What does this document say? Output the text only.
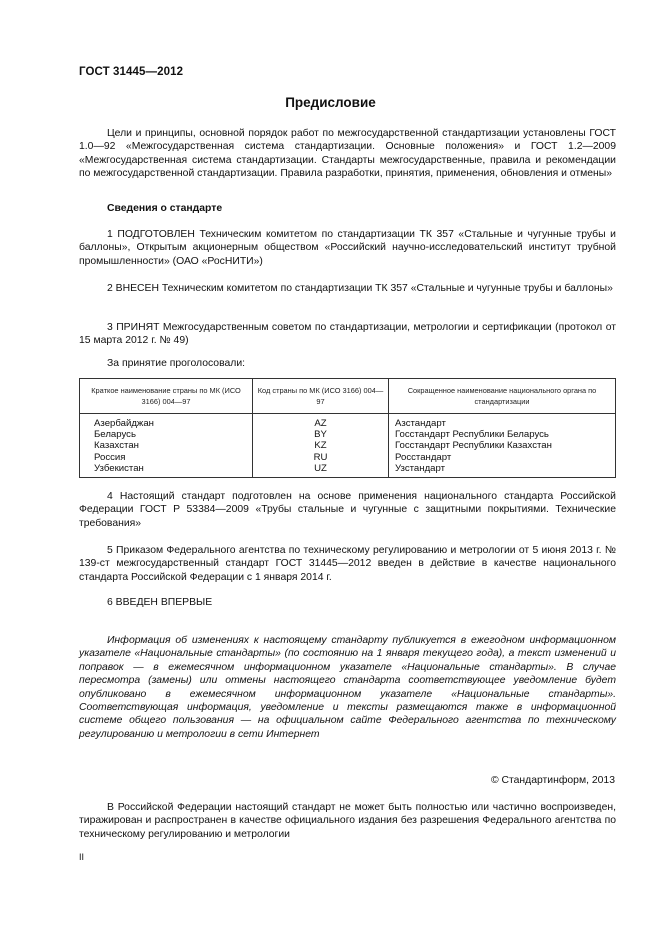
ГОСТ 31445—2012
Предисловие

Цели и принципы, основной порядок работ по межгосударственной стандартизации установлены ГОСТ 1.0—92 «Межгосударственная система стандартизации. Основные положения» и ГОСТ 1.2—2009 «Межгосударственная система стандартизации. Стандарты межгосударственные, правила и рекомендации по межгосударственной стандартизации. Правила разработки, принятия, применения, обновления и отмены»

Сведения о стандарте

1 ПОДГОТОВЛЕН Техническим комитетом по стандартизации ТК 357 «Стальные и чугунные трубы и баллоны», Открытым акционерным обществом «Российский научно-исследовательский институт трубной промышленности» (ОАО «РосНИТИ»)

2 ВНЕСЕН Техническим комитетом по стандартизации ТК 357 «Стальные и чугунные трубы и баллоны»

3 ПРИНЯТ Межгосударственным советом по стандартизации, метрологии и сертификации (протокол от 15 марта 2012 г. № 49)

За принятие проголосовали:
Краткое наименование страны по МК (ИСО 3166) 004—97	Код страны по МК (ИСО 3166) 004—97	Сокращенное наименование национального органа по стандартизации
Азербайджан	AZ	Азстандарт
Беларусь	BY	Госстандарт Республики Беларусь
Казахстан	KZ	Госстандарт Республики Казахстан
Россия	RU	Росстандарт
Узбекистан	UZ	Узстандарт

4 Настоящий стандарт подготовлен на основе применения национального стандарта Российской Федерации ГОСТ Р 53384—2009 «Трубы стальные и чугунные с защитными покрытиями. Технические требования»

5 Приказом Федерального агентства по техническому регулированию и метрологии от 5 июня 2013 г. № 139-ст межгосударственный стандарт ГОСТ 31445—2012 введен в действие в качестве национального стандарта Российской Федерации с 1 января 2014 г.

6 ВВЕДЕН ВПЕРВЫЕ

Информация об изменениях к настоящему стандарту публикуется в ежегодном информационном указателе «Национальные стандарты» (по состоянию на 1 января текущего года), а текст изменений и поправок — в ежемесячном информационном указателе «Национальные стандарты». В случае пересмотра (замены) или отмены настоящего стандарта соответствующее уведомление будет опубликовано в ежемесячном информационном указателе «Национальные стандарты». Соответствующая информация, уведомление и тексты размещаются также в информационной системе общего пользования — на официальном сайте Федерального агентства по техническому регулированию и метрологии в сети Интернет

© Стандартинформ, 2013

В Российской Федерации настоящий стандарт не может быть полностью или частично воспроизведен, тиражирован и распространен в качестве официального издания без разрешения Федерального агентства по техническому регулированию и метрологии

II
